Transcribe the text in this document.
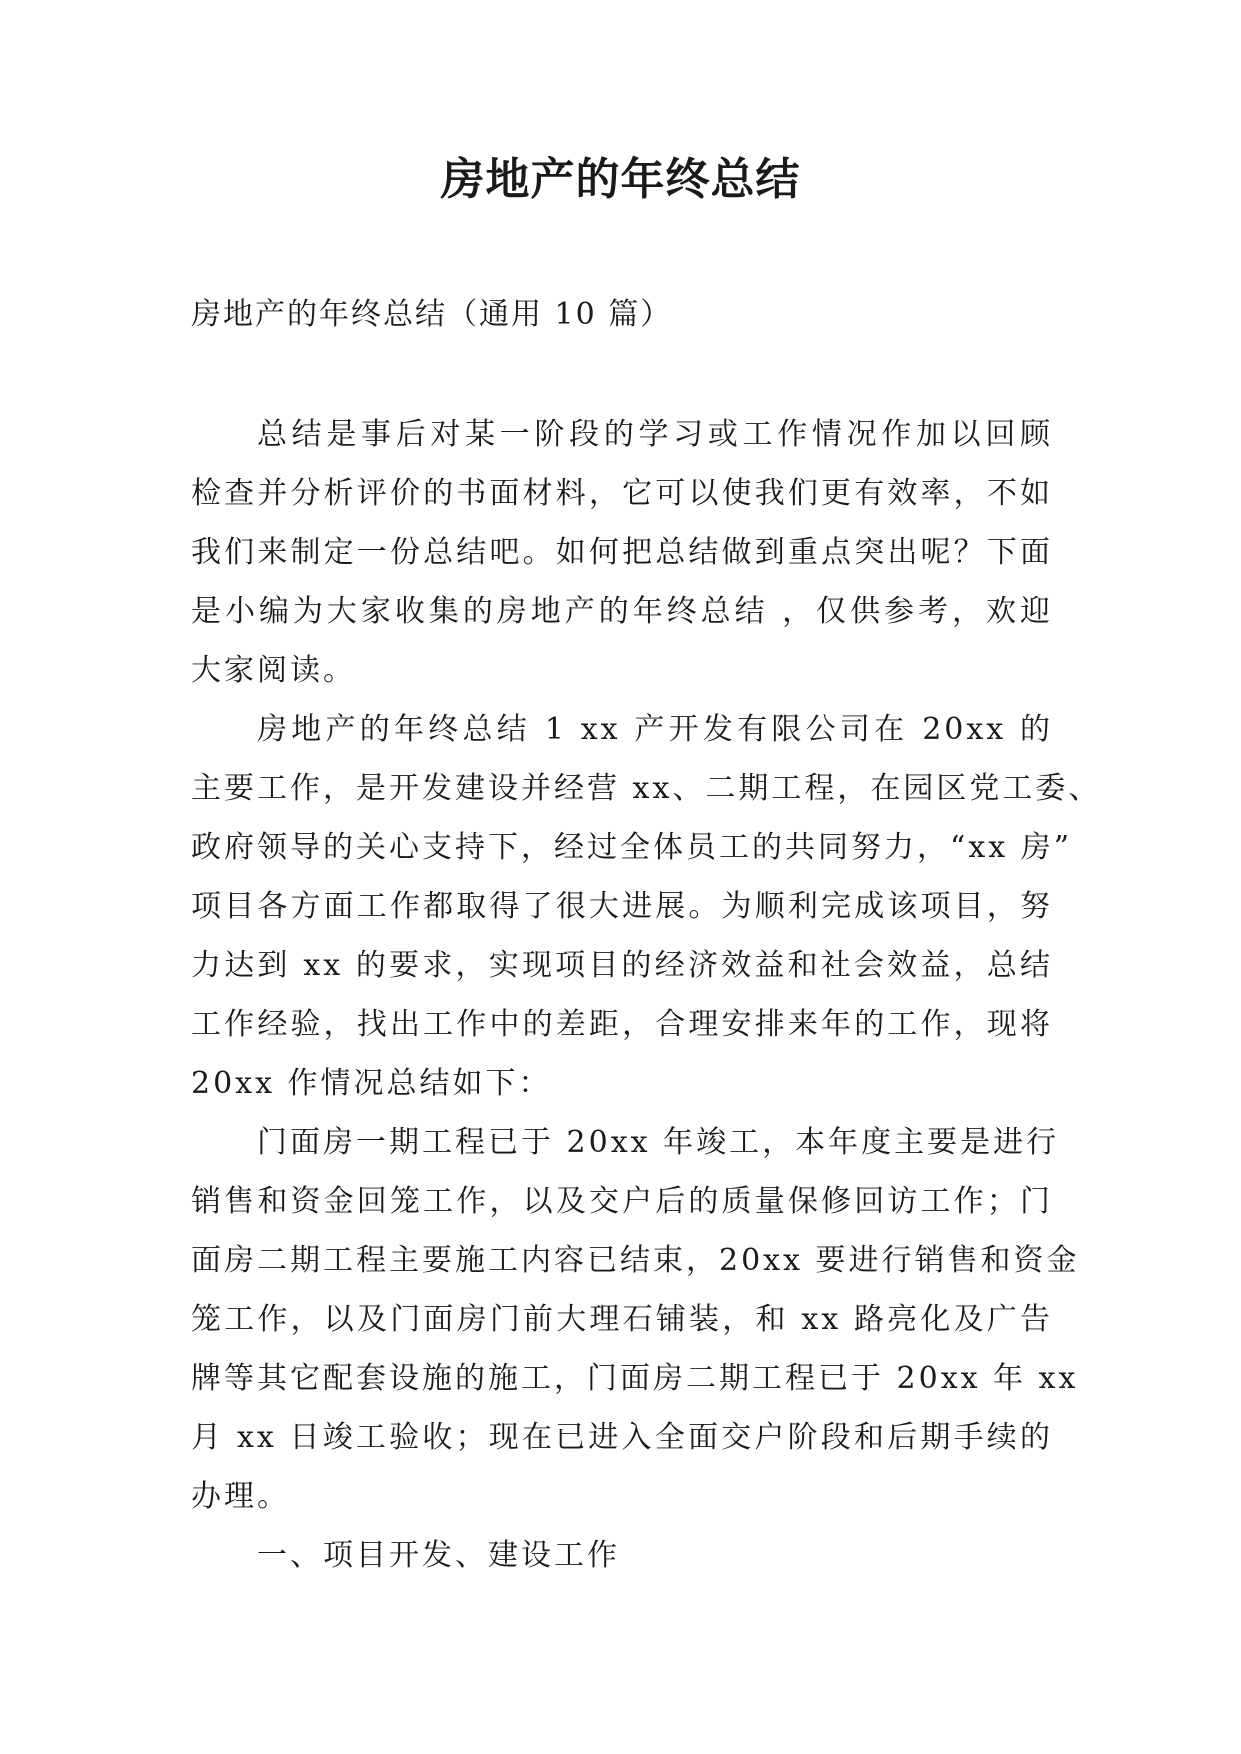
房地产的年终总结

房地产的年终总结（通用 10 篇）

总结是事后对某一阶段的学习或工作情况作加以回顾
检查并分析评价的书面材料，它可以使我们更有效率，不如
我们来制定一份总结吧。如何把总结做到重点突出呢？下面
是小编为大家收集的房地产的年终总结 ，仅供参考，欢迎
大家阅读。
房地产的年终总结 1 xx 产开发有限公司在 20xx 的
主要工作，是开发建设并经营 xx、二期工程，在园区党工委、
政府领导的关心支持下，经过全体员工的共同努力，“xx 房”
项目各方面工作都取得了很大进展。为顺利完成该项目，努
力达到 xx 的要求，实现项目的经济效益和社会效益，总结
工作经验，找出工作中的差距，合理安排来年的工作，现将
20xx 作情况总结如下：
门面房一期工程已于 20xx 年竣工，本年度主要是进行
销售和资金回笼工作，以及交户后的质量保修回访工作；门
面房二期工程主要施工内容已结束，20xx 要进行销售和资金
笼工作，以及门面房门前大理石铺装，和 xx 路亮化及广告
牌等其它配套设施的施工，门面房二期工程已于 20xx 年 xx
月 xx 日竣工验收；现在已进入全面交户阶段和后期手续的
办理。
一、项目开发、建设工作
